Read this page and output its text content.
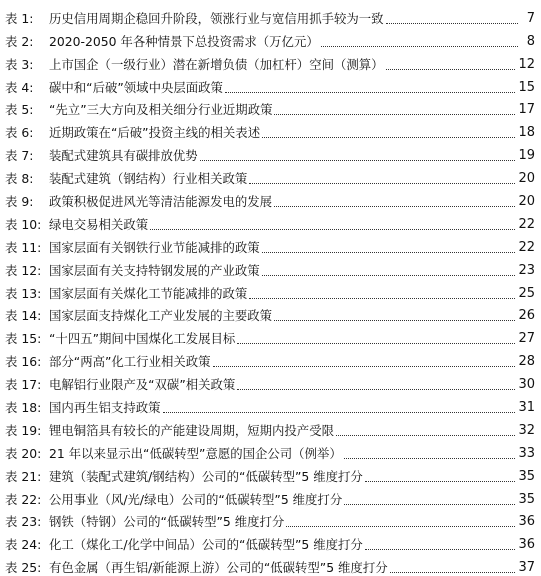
表 1:	历史信用周期企稳回升阶段，领涨行业与宽信用抓手较为一致	7
表 2:	2020-2050 年各种情景下总投资需求（万亿元）	8
表 3:	上市国企（一级行业）潜在新增负债（加杠杆）空间（测算）	12
表 4:	碳中和“后破”领域中央层面政策	15
表 5:	“先立”三大方向及相关细分行业近期政策	17
表 6:	近期政策在“后破”投资主线的相关表述	18
表 7:	装配式建筑具有碳排放优势	19
表 8:	装配式建筑（钢结构）行业相关政策	20
表 9:	政策积极促进风光等清洁能源发电的发展	20
表 10: 绿电交易相关政策	22
表 11: 国家层面有关钢铁行业节能减排的政策	22
表 12: 国家层面有关支持特钢发展的产业政策	23
表 13: 国家层面有关煤化工节能减排的政策	25
表 14: 国家层面支持煤化工产业发展的主要政策	26
表 15: “十四五”期间中国煤化工发展目标	27
表 16: 部分“两高”化工行业相关政策	28
表 17: 电解铝行业限产及“双碳”相关政策	30
表 18: 国内再生铝支持政策	31
表 19: 锂电铜箔具有较长的产能建设周期，短期内投产受限	32
表 20: 21 年以来显示出“低碳转型”意愿的国企公司（例举）	33
表 21: 建筑（装配式建筑/钢结构）公司的“低碳转型”5 维度打分	35
表 22: 公用事业（风/光/绿电）公司的“低碳转型”5 维度打分	35
表 23: 钢铁（特钢）公司的“低碳转型”5 维度打分	36
表 24: 化工（煤化工/化学中间品）公司的“低碳转型”5 维度打分	36
表 25: 有色金属（再生铝/新能源上游）公司的“低碳转型”5 维度打分	37
